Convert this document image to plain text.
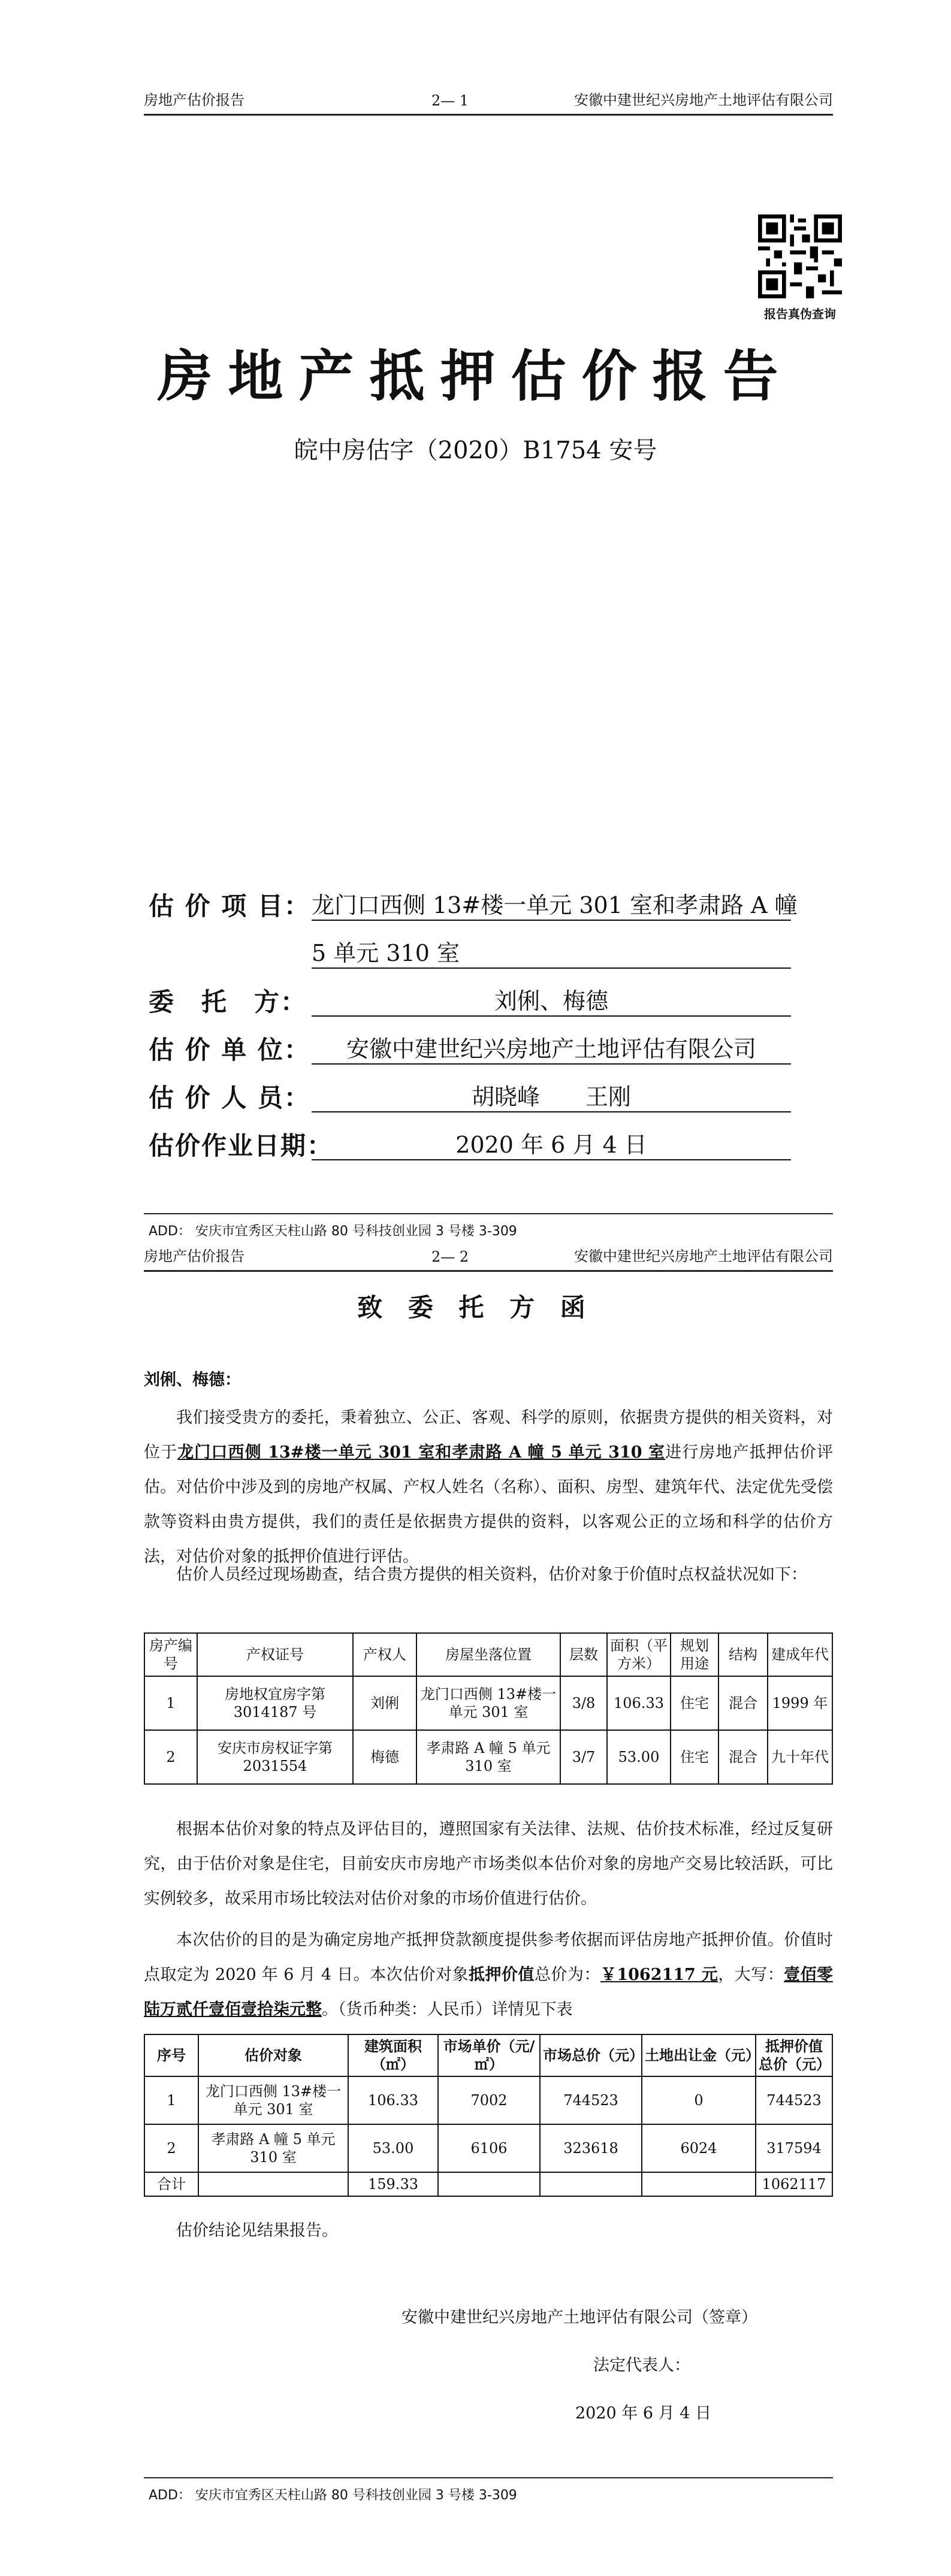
房地产估价报告	2— 1	安徽中建世纪兴房地产土地评估有限公司
报告真伪查询
房地产抵押估价报告
皖中房估字（2020）B1754 安号
估 价 项 目： 龙门口西侧 13#楼一单元 301 室和孝肃路 A 幢
5 单元 310 室
委　托　方：	刘俐、梅德
估 价 单 位：	安徽中建世纪兴房地产土地评估有限公司
估 价 人 员：	胡晓峰　　王刚
估价作业日期：	2020 年 6 月 4 日
ADD： 安庆市宜秀区天柱山路 80 号科技创业园 3 号楼 3-309
房地产估价报告	2— 2	安徽中建世纪兴房地产土地评估有限公司
致 委 托 方 函
刘俐、梅德：
我们接受贵方的委托，秉着独立、公正、客观、科学的原则，依据贵方提供的相关资料，对位于龙门口西侧 13#楼一单元 301 室和孝肃路 A 幢 5 单元 310 室进行房地产抵押估价评估。对估价中涉及到的房地产权属、产权人姓名（名称）、面积、房型、建筑年代、法定优先受偿款等资料由贵方提供，我们的责任是依据贵方提供的资料，以客观公正的立场和科学的估价方法，对估价对象的抵押价值进行评估。
估价人员经过现场勘查，结合贵方提供的相关资料，估价对象于价值时点权益状况如下：
房产编号	产权证号	产权人	房屋坐落位置	层数	面积（平方米）	规划用途	结构	建成年代
1	房地权宜房字第 3014187 号	刘俐	龙门口西侧 13#楼一单元 301 室	3/8	106.33	住宅	混合	1999 年
2	安庆市房权证字第 2031554	梅德	孝肃路 A 幢 5 单元 310 室	3/7	53.00	住宅	混合	九十年代
根据本估价对象的特点及评估目的，遵照国家有关法律、法规、估价技术标准，经过反复研究，由于估价对象是住宅，目前安庆市房地产市场类似本估价对象的房地产交易比较活跃，可比实例较多，故采用市场比较法对估价对象的市场价值进行估价。
本次估价的目的是为确定房地产抵押贷款额度提供参考依据而评估房地产抵押价值。价值时点取定为 2020 年 6 月 4 日。本次估价对象抵押价值总价为：￥1062117 元，大写：壹佰零陆万贰仟壹佰壹拾柒元整。（货币种类：人民币）详情见下表
序号	估价对象	建筑面积（㎡）	市场单价（元/㎡）	市场总价（元）	土地出让金（元）	抵押价值总价（元）
1	龙门口西侧 13#楼一单元 301 室	106.33	7002	744523	0	744523
2	孝肃路 A 幢 5 单元 310 室	53.00	6106	323618	6024	317594
合计		159.33				1062117
估价结论见结果报告。
安徽中建世纪兴房地产土地评估有限公司（签章）
法定代表人：
2020 年 6 月 4 日
ADD： 安庆市宜秀区天柱山路 80 号科技创业园 3 号楼 3-309
